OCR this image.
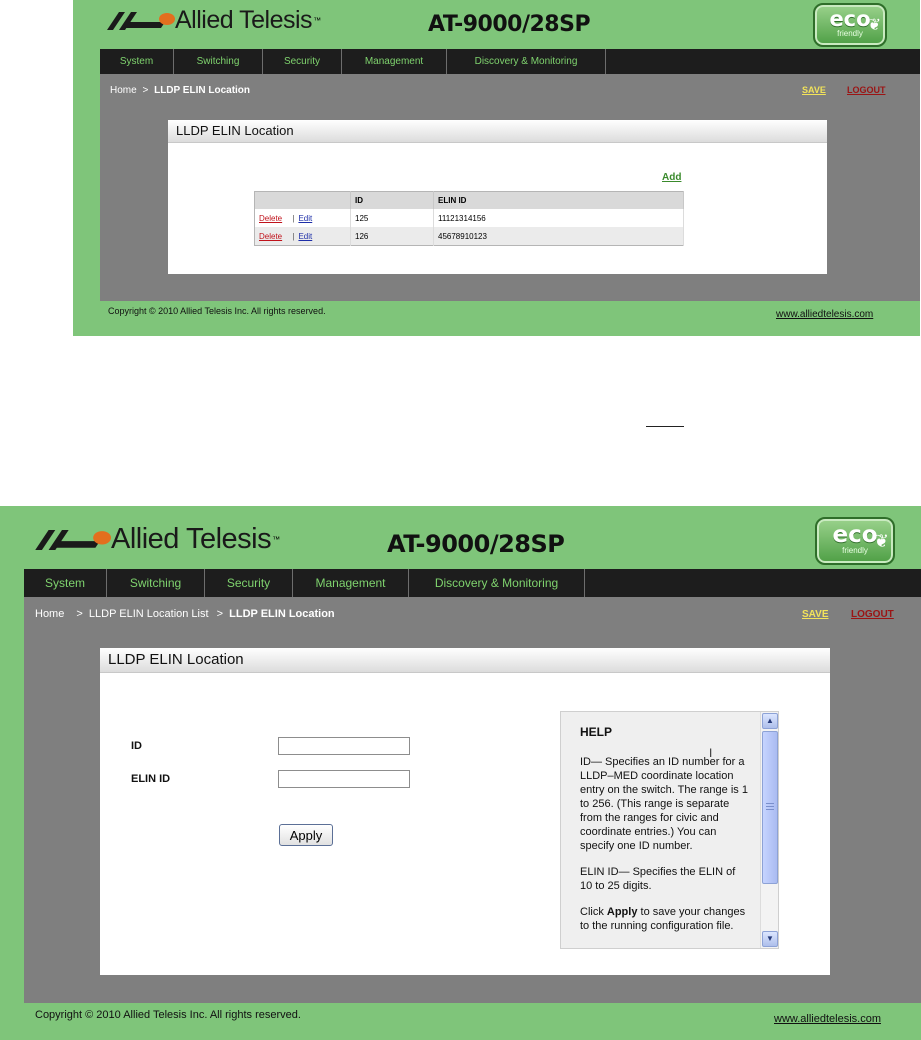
Allied Telesis ™	AT-9000/28SP	eco
friendly ❦
System	Switching	Security	Management	Discovery & Monitoring
Home > LLDP ELIN Location	SAVE LOGOUT
LLDP ELIN Location
Add
	ID	ELIN ID
Delete | Edit	125	11121314156
Delete | Edit	126	45678910123
Copyright © 2010 Allied Telesis Inc. All rights reserved.	www.alliedtelesis.com
Allied Telesis ™	AT-9000/28SP	eco
friendly ❦
System	Switching	Security	Management	Discovery & Monitoring
Home > LLDP ELIN Location List > LLDP ELIN Location	SAVE LOGOUT
LLDP ELIN Location
ID
ELIN ID
Apply
HELP

ID— Specifies an ID number for a LLDP–MED coordinate location entry on the switch. The range is 1 to 256. (This range is separate from the ranges for civic and coordinate entries.) You can specify one ID number.

ELIN ID— Specifies the ELIN of 10 to 25 digits.

Click Apply to save your changes to the running configuration file.

I
▲
▼
Copyright © 2010 Allied Telesis Inc. All rights reserved.	www.alliedtelesis.com
